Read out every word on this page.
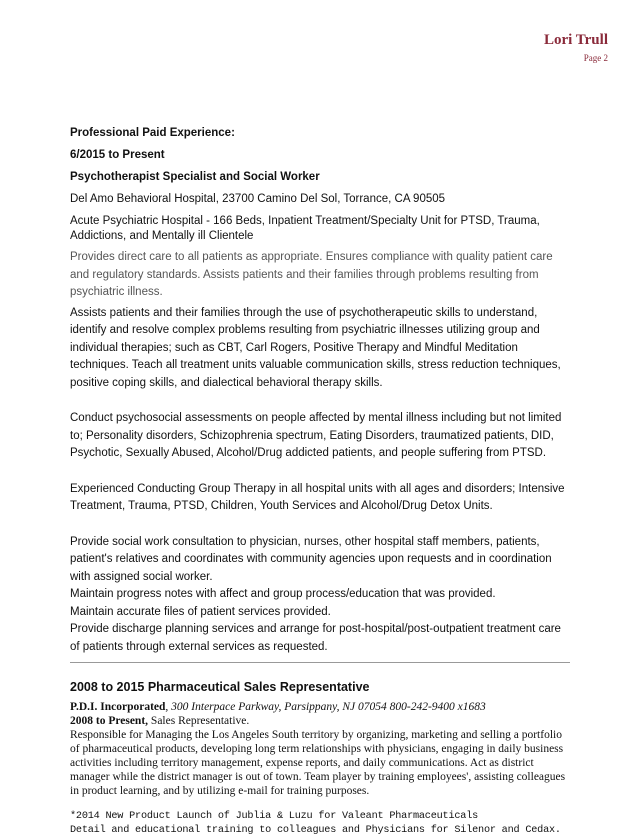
Lori Trull
Page 2
Professional Paid Experience:
6/2015 to Present
Psychotherapist Specialist and Social Worker
Del Amo Behavioral Hospital, 23700 Camino Del Sol, Torrance, CA 90505
Acute Psychiatric Hospital - 166 Beds, Inpatient Treatment/Specialty Unit for PTSD, Trauma, Addictions, and Mentally ill Clientele
Provides direct care to all patients as appropriate. Ensures compliance with quality patient care and regulatory standards. Assists patients and their families through problems resulting from psychiatric illness.
Assists patients and their families through the use of psychotherapeutic skills to understand, identify and resolve complex problems resulting from psychiatric illnesses utilizing group and individual therapies; such as CBT, Carl Rogers, Positive Therapy and Mindful Meditation techniques. Teach all treatment units valuable communication skills, stress reduction techniques, positive coping skills, and dialectical behavioral therapy skills.
Conduct psychosocial assessments on people affected by mental illness including but not limited to; Personality disorders, Schizophrenia spectrum, Eating Disorders, traumatized patients, DID, Psychotic, Sexually Abused, Alcohol/Drug addicted patients, and people suffering from PTSD.
Experienced Conducting Group Therapy in all hospital units with all ages and disorders; Intensive Treatment, Trauma, PTSD, Children, Youth Services and Alcohol/Drug Detox Units.
Provide social work consultation to physician, nurses, other hospital staff members, patients, patient's relatives and coordinates with community agencies upon requests and in coordination with assigned social worker.
Maintain progress notes with affect and group process/education that was provided.
Maintain accurate files of patient services provided.
Provide discharge planning services and arrange for post-hospital/post-outpatient treatment care of patients through external services as requested.
2008 to 2015 Pharmaceutical Sales Representative
P.D.I. Incorporated, 300 Interpace Parkway, Parsippany, NJ 07054 800-242-9400 x1683
2008 to Present, Sales Representative.
Responsible for Managing the Los Angeles South territory by organizing, marketing and selling a portfolio of pharmaceutical products, developing long term relationships with physicians, engaging in daily business activities including territory management, expense reports, and daily communications. Act as district manager while the district manager is out of town. Team player by training employees', assisting colleagues in product learning, and by utilizing e-mail for training purposes.
*2014 New Product Launch of Jublia & Luzu for Valeant Pharmaceuticals
Detail and educational training to colleagues and Physicians for Silenor and Cedax.
